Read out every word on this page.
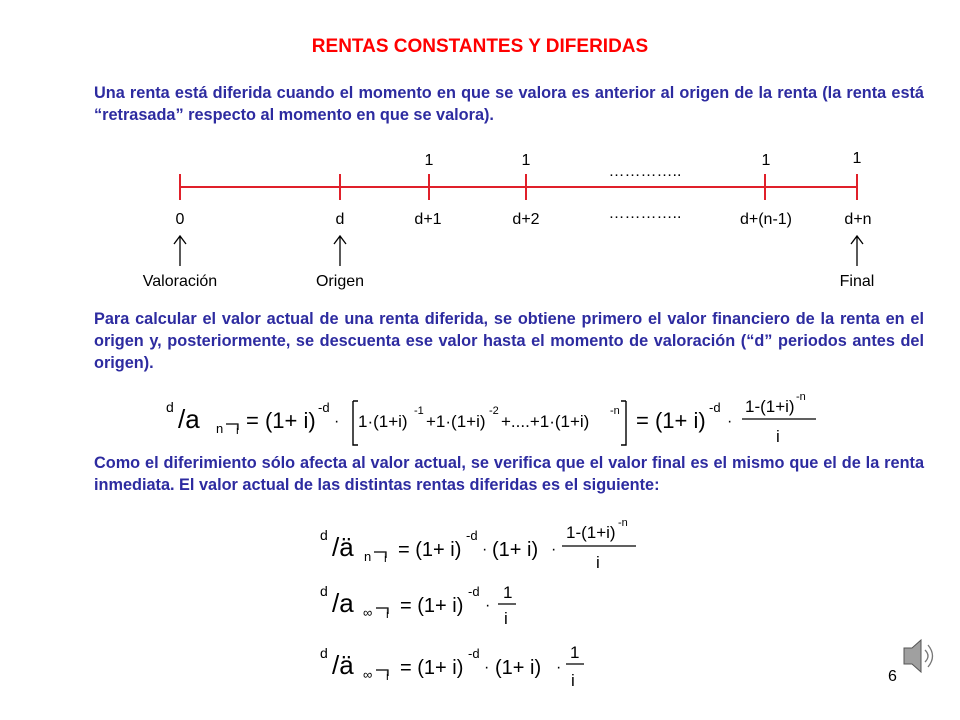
RENTAS CONSTANTES Y DIFERIDAS
Una renta está diferida cuando el momento en que se valora es anterior al origen de la renta (la renta está “retrasada” respecto al momento en que se valora).
1	1	1	1
…………..
0	d	d+1	d+2	…………..	d+(n-1)	d+n
Valoración	Origen	Final
d /a n i = (1+ i)
-d
· 1·(1+i)
-1
+1·(1+i)
-2
+....+1·(1+i)
-n = (1+ i)
-d
·
1-(1+i) -n
i
d /ä n i = (1+ i)
-d
· (1+ i) ·
1-(1+i) -n
i
d /a ∞ i = (1+ i)
-d
·
1
i
d /ä ∞ i = (1+ i)
-d
· (1+ i) ·
1
i
Para calcular el valor actual de una renta diferida, se obtiene primero el valor financiero de la renta en el origen y, posteriormente, se descuenta ese valor hasta el momento de valoración (“d” periodos antes del origen).
Como el diferimiento sólo afecta al valor actual, se verifica que el valor final es el mismo que el de la renta inmediata. El valor actual de las distintas rentas diferidas es el siguiente:
6
